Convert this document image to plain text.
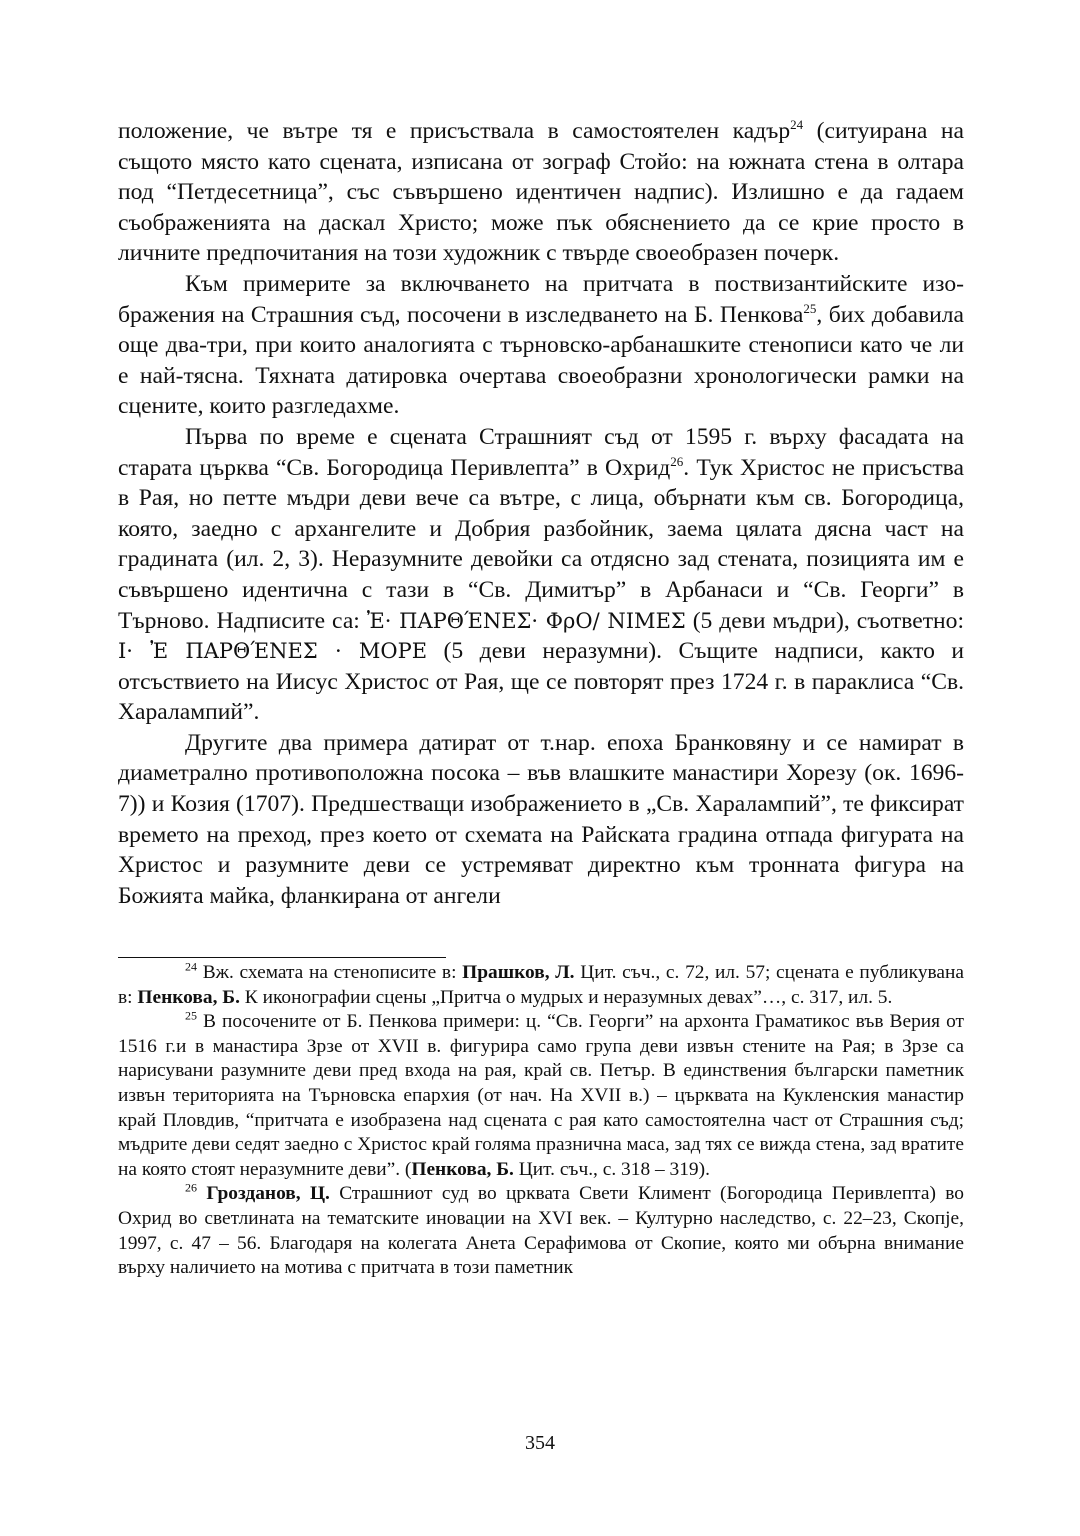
положение, че вътре тя е присъствала в самостоятелен кадър$^{24}$ (ситуирана на същото място като сцената, изписана от зограф Стойо: на южната стена в олтара под “Петдесетница”, със съвършено идентичен надпис). Излишно е да гадаем съображенията на даскал Христо; може пък обяснението да се крие просто в личните предпочитания на този художник с твърде своеобразен почерк.

Към примерите за включването на притчата в поствизантийските изображения на Страшния съд, посочени в изследването на Б. Пенкова$^{25}$, бих добавила още два-три, при които аналогията с търновско-арбанашките стенописи като че ли е най-тясна. Тяхната датировка очертава своеобразни хронологически рамки на сцените, които разгледахме.

Първа по време е сцената Страшният съд от 1595 г. върху фасадата на старата църква “Св. Богородица Перивлепта” в Охрид$^{26}$. Тук Христос не присъства в Рая, но петте мъдри деви вече са вътре, с лица, обърнати към св. Богородица, която, заедно с архангелите и Добрия разбойник, заема цялата дясна част на градината (ил. 2, 3). Неразумните девойки са отдясно зад стената, позицията им е съвършено идентична с тази в “Св. Димитър” в Арбанаси и “Св. Георги” в Търново. Надписите са: Ἐ· ΠΑΡΘΈΝΕΣ· ΦρΟ/ ΝΙΜΕΣ (5 деви мъдри), съответно: Ι· Ἐ ΠΑΡΘΈΝΕΣ · ΜΟΡΕ (5 деви неразумни). Същите надписи, както и отсъствието на Иисус Христос от Рая, ще се повторят през 1724 г. в параклиса “Св. Харалампий”.

Другите два примера датират от т.нар. епоха Бранковяну и се намират в диаметрално противоположна посока – във влашките манастири Хорезу (ок. 1696-7)) и Козия (1707). Предшестващи изображението в „Св. Харалампий”, те фиксират времето на преход, през което от схемата на Райската градина отпада фигурата на Христос и разумните деви се устремяват директно към тронната фигура на Божията майка, фланкирана от ангели

$^{24}$ Вж. схемата на стенописите в: Прашков, Л. Цит. съч., с. 72, ил. 57; сцената е публикувана в: Пенкова, Б. К иконографии сцены „Притча о мудрых и неразумных девах”…, с. 317, ил. 5.

$^{25}$ В посочените от Б. Пенкова примери: ц. “Св. Георги” на архонта Граматикос във Верия от 1516 г.и в манастира Зрзе от XVII в. фигурира само група деви извън стените на Рая; в Зрзе са нарисувани разумните деви пред входа на рая, край св. Петър. В единствения български паметник извън територията на Търновска епархия (от нач. На XVII в.) – църквата на Кукленския манастир край Пловдив, “притчата е изобразена над сцената с рая като самостоятелна част от Страшния съд; мъдрите деви седят заедно с Христос край голяма празнична маса, зад тях се вижда стена, зад вратите на която стоят неразумните деви”. (Пенкова, Б. Цит. съч., с. 318 – 319).

$^{26}$ Грозданов, Ц. Страшниот суд во црквата Свети Климент (Богородица Перивлепта) во Охрид во светлината на тематските иновации на XVI век. – Културно наследство, с. 22–23, Скопје, 1997, с. 47 – 56. Благодаря на колегата Анета Серафимова от Скопие, която ми обърна внимание върху наличието на мотива с притчата в този паметник

354
